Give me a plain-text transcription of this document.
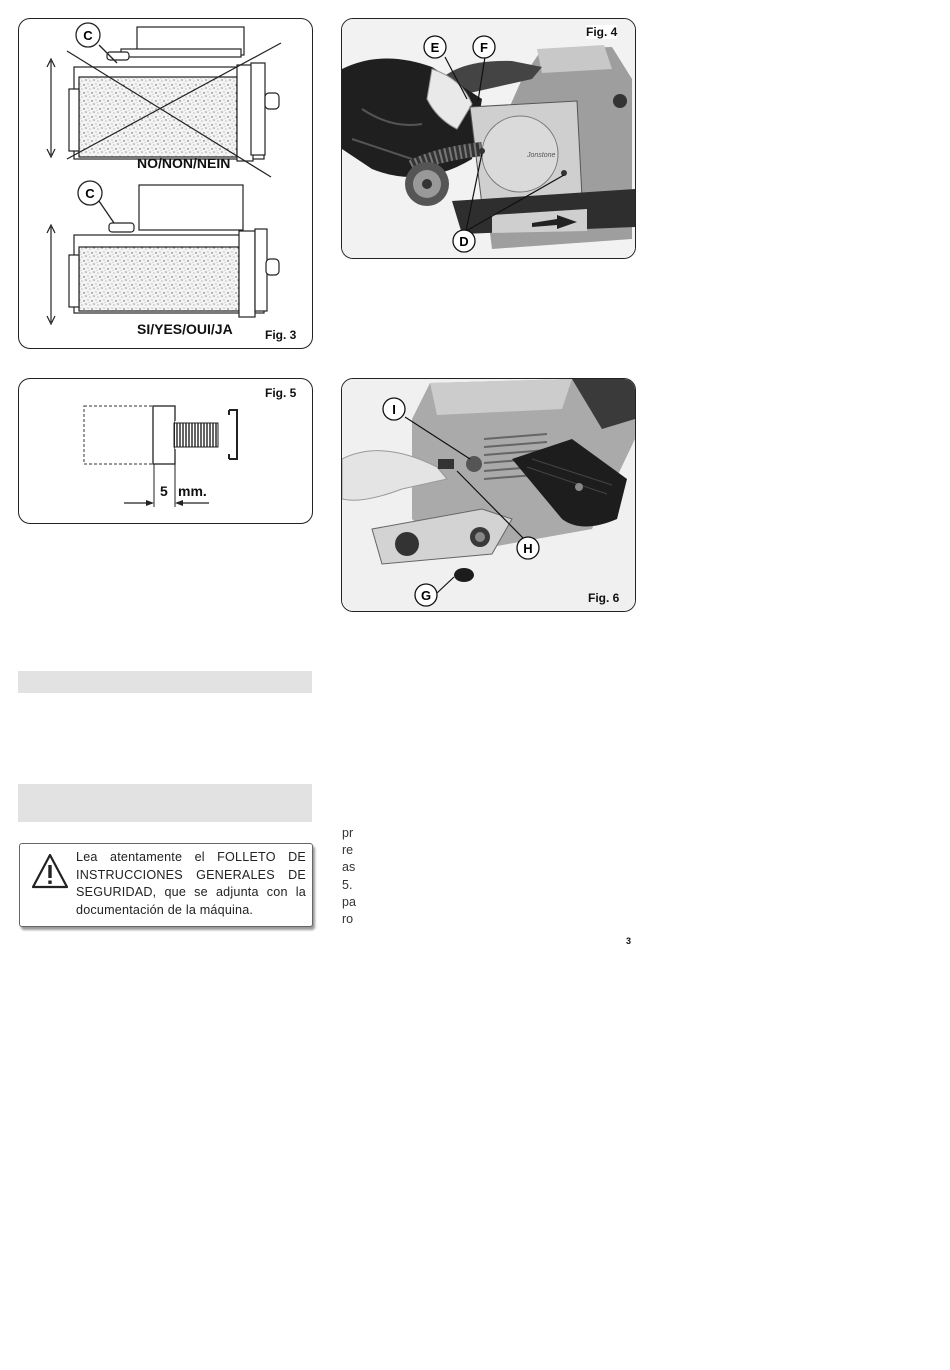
C
C
NO/NON/NEIN
SI/YES/OUI/JA	Fig. 3
Jonstone
E	F
D
Fig. 4
5 mm.
Fig. 5
I
H
G	Fig. 6
Lea atentamente el FOLLETO DE INSTRUCCIONES GENERALES DE SEGURIDAD, que se adjunta con la documentación de la máquina.
pr
re
as
5.
pa
ro
3
